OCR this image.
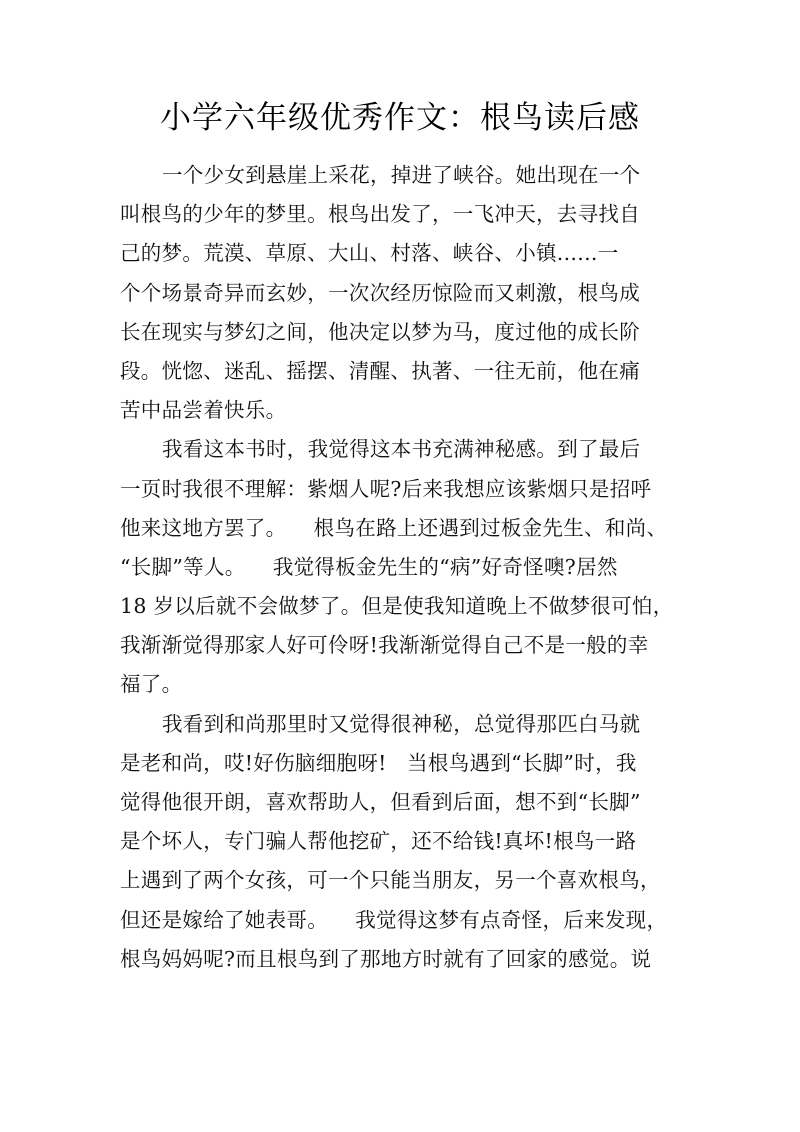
小学六年级优秀作文：根鸟读后感
一个少女到悬崖上采花，掉进了峡谷。她出现在一个
叫根鸟的少年的梦里。根鸟出发了，一飞冲天，去寻找自
己的梦。荒漠、草原、大山、村落、峡谷、小镇......一
个个场景奇异而玄妙，一次次经历惊险而又刺激，根鸟成
长在现实与梦幻之间，他决定以梦为马，度过他的成长阶
段。恍惚、迷乱、摇摆、清醒、执著、一往无前，他在痛
苦中品尝着快乐。
我看这本书时，我觉得这本书充满神秘感。到了最后
一页时我很不理解：紫烟人呢?后来我想应该紫烟只是招呼
他来这地方罢了。    根鸟在路上还遇到过板金先生、和尚、
“长脚”等人。    我觉得板金先生的“病”好奇怪噢?居然
18 岁以后就不会做梦了。但是使我知道晚上不做梦很可怕，
我渐渐觉得那家人好可伶呀!我渐渐觉得自己不是一般的幸
福了。
我看到和尚那里时又觉得很神秘，总觉得那匹白马就
是老和尚，哎!好伤脑细胞呀!   当根鸟遇到“长脚”时，我
觉得他很开朗，喜欢帮助人，但看到后面，想不到“长脚”
是个坏人，专门骗人帮他挖矿，还不给钱!真坏!根鸟一路
上遇到了两个女孩，可一个只能当朋友，另一个喜欢根鸟，
但还是嫁给了她表哥。    我觉得这梦有点奇怪，后来发现，
根鸟妈妈呢?而且根鸟到了那地方时就有了回家的感觉。说
